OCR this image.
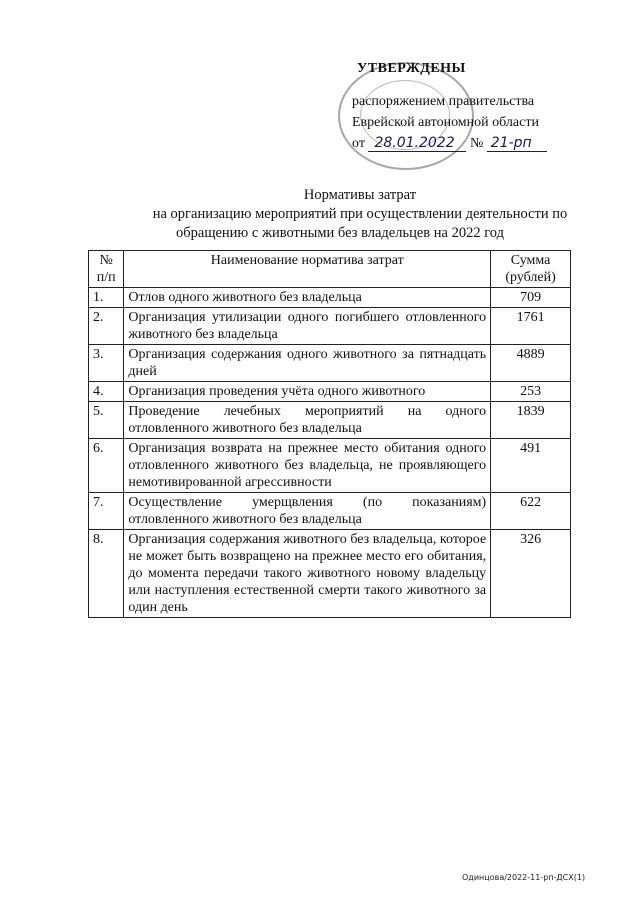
УТВЕРЖДЕНЫ
распоряжением правительства
Еврейской автономной области
от 28.01.2022 № 21-рп
Нормативы затрат
на организацию мероприятий при осуществлении деятельности по
обращению с животными без владельцев на 2022 год
№ п/п	Наименование норматива затрат	Сумма (рублей)
1.	Отлов одного животного без владельца	709
2.	Организация утилизации одного погибшего отловленного животного без владельца	1761
3.	Организация содержания одного животного за пятнадцать дней	4889
4.	Организация проведения учёта одного животного	253
5.	Проведение лечебных мероприятий на одного отловленного животного без владельца	1839
6.	Организация возврата на прежнее место обитания одного отловленного животного без владельца, не проявляющего немотивированной агрессивности	491
7.	Осуществление умерщвления (по показаниям) отловленного животного без владельца	622
8.	Организация содержания животного без владельца, которое не может быть возвращено на прежнее место его обитания, до момента передачи такого животного новому владельцу или наступления естественной смерти такого животного за один день	326
Одинцова/2022-11-рп-ДСХ(1)
